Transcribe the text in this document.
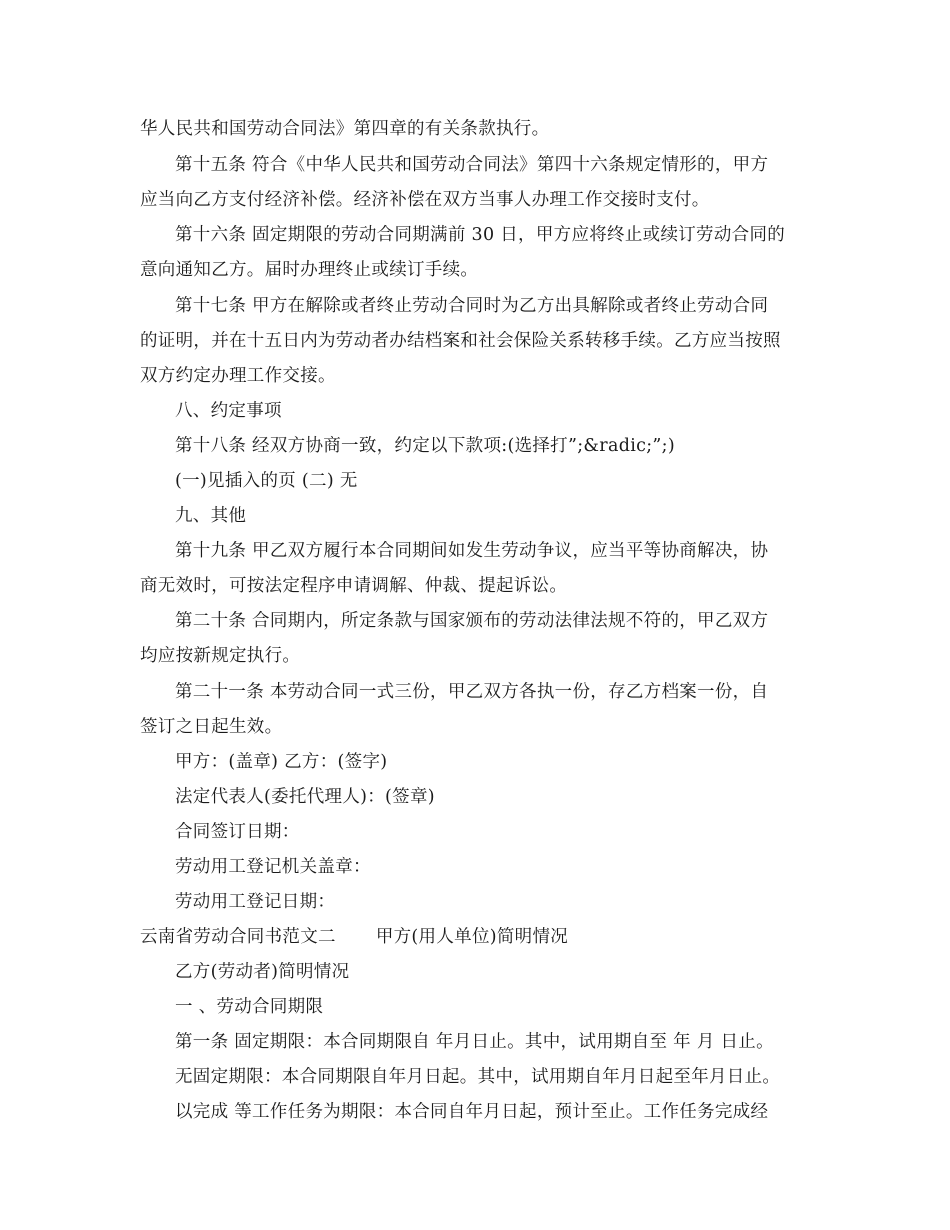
华人民共和国劳动合同法》第四章的有关条款执行。
第十五条 符合《中华人民共和国劳动合同法》第四十六条规定情形的，甲方
应当向乙方支付经济补偿。经济补偿在双方当事人办理工作交接时支付。
第十六条 固定期限的劳动合同期满前 30 日，甲方应将终止或续订劳动合同的
意向通知乙方。届时办理终止或续订手续。
第十七条 甲方在解除或者终止劳动合同时为乙方出具解除或者终止劳动合同
的证明，并在十五日内为劳动者办结档案和社会保险关系转移手续。乙方应当按照
双方约定办理工作交接。
八、约定事项
第十八条 经双方协商一致，约定以下款项:(选择打”;&radic;”;)
(一)见插入的页 (二) 无
九、其他
第十九条 甲乙双方履行本合同期间如发生劳动争议，应当平等协商解决，协
商无效时，可按法定程序申请调解、仲裁、提起诉讼。
第二十条 合同期内，所定条款与国家颁布的劳动法律法规不符的，甲乙双方
均应按新规定执行。
第二十一条 本劳动合同一式三份，甲乙双方各执一份，存乙方档案一份，自
签订之日起生效。
甲方：(盖章) 乙方：(签字)
法定代表人(委托代理人)：(签章)
合同签订日期：
劳动用工登记机关盖章：
劳动用工登记日期：
云南省劳动合同书范文二 甲方(用人单位)简明情况
乙方(劳动者)简明情况
一 、劳动合同期限
第一条 固定期限：本合同期限自 年月日止。其中，试用期自至 年 月 日止。
无固定期限：本合同期限自年月日起。其中，试用期自年月日起至年月日止。
以完成 等工作任务为期限：本合同自年月日起，预计至止。工作任务完成经
